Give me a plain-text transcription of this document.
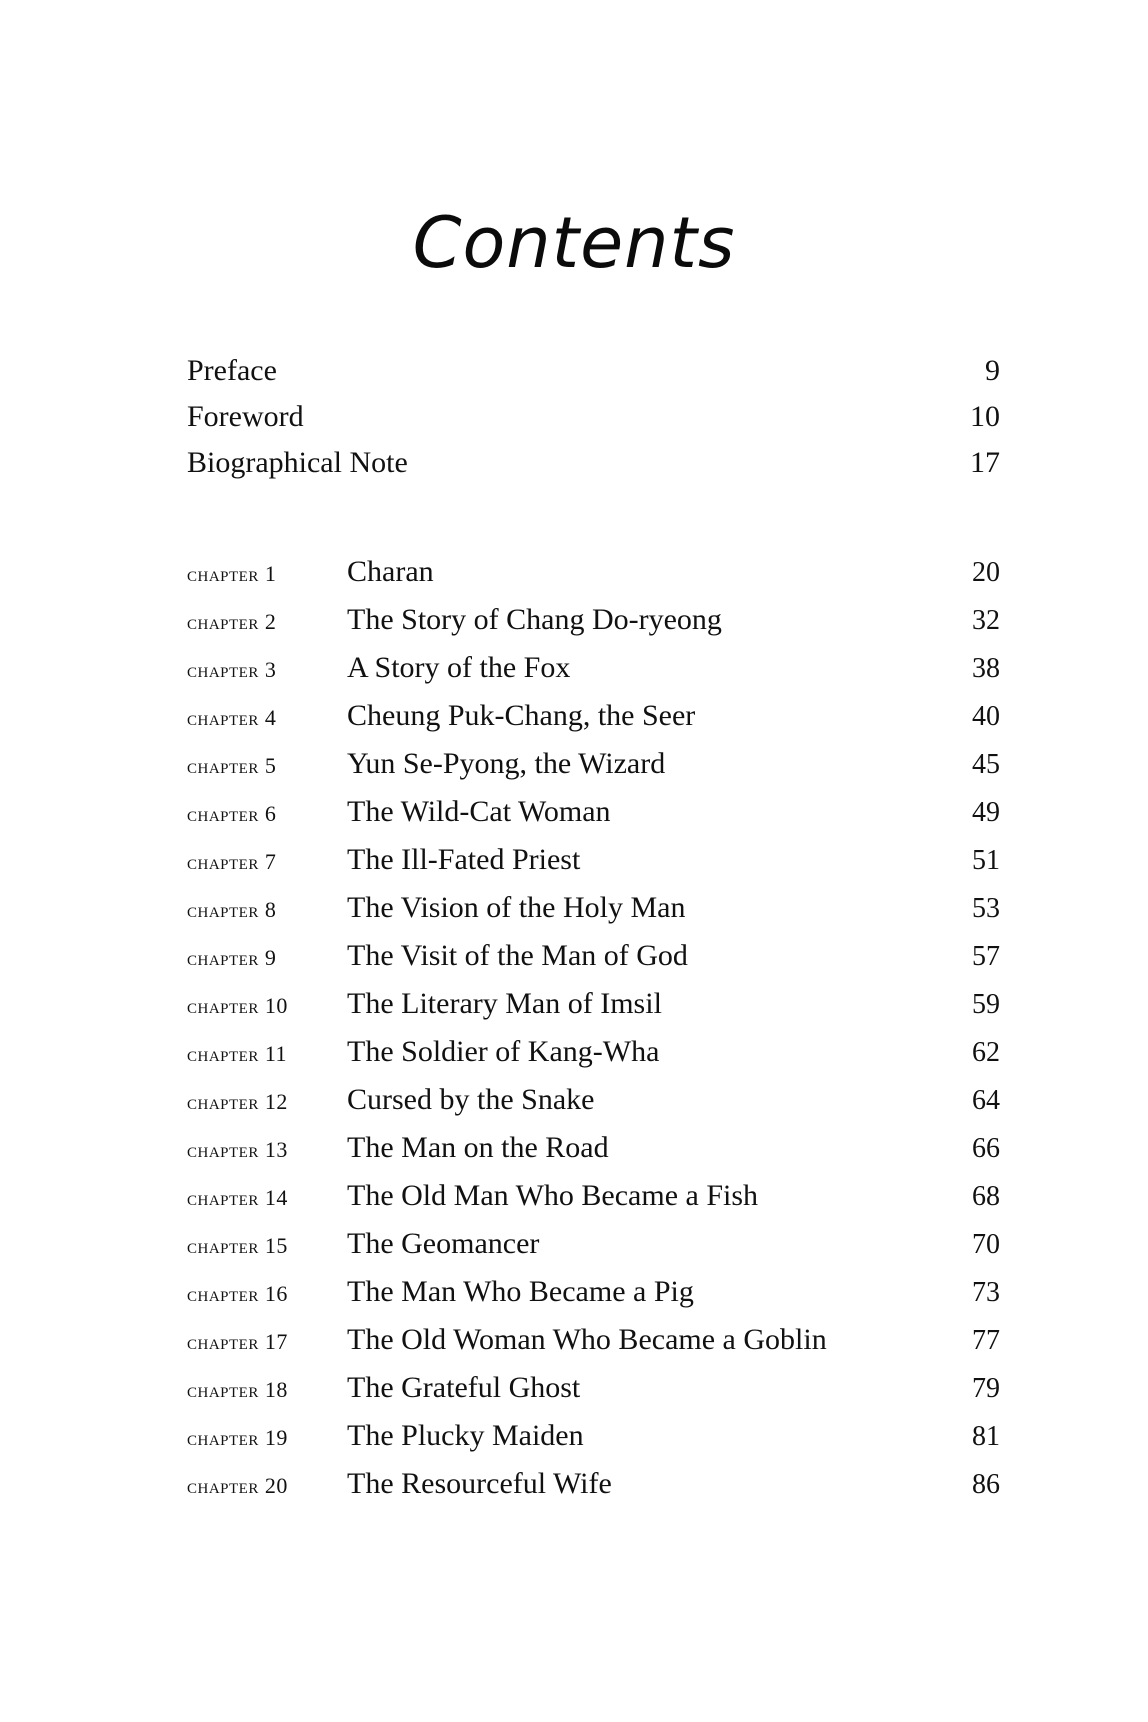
Contents
Preface	9
Foreword	10
Biographical Note	17
chapter 1	Charan	20
chapter 2	The Story of Chang Do-ryeong	32
chapter 3	A Story of the Fox	38
chapter 4	Cheung Puk-Chang, the Seer	40
chapter 5	Yun Se-Pyong, the Wizard	45
chapter 6	The Wild-Cat Woman	49
chapter 7	The Ill-Fated Priest	51
chapter 8	The Vision of the Holy Man	53
chapter 9	The Visit of the Man of God	57
chapter 10	The Literary Man of Imsil	59
chapter 11	The Soldier of Kang-Wha	62
chapter 12	Cursed by the Snake	64
chapter 13	The Man on the Road	66
chapter 14	The Old Man Who Became a Fish	68
chapter 15	The Geomancer	70
chapter 16	The Man Who Became a Pig	73
chapter 17	The Old Woman Who Became a Goblin	77
chapter 18	The Grateful Ghost	79
chapter 19	The Plucky Maiden	81
chapter 20	The Resourceful Wife	86
